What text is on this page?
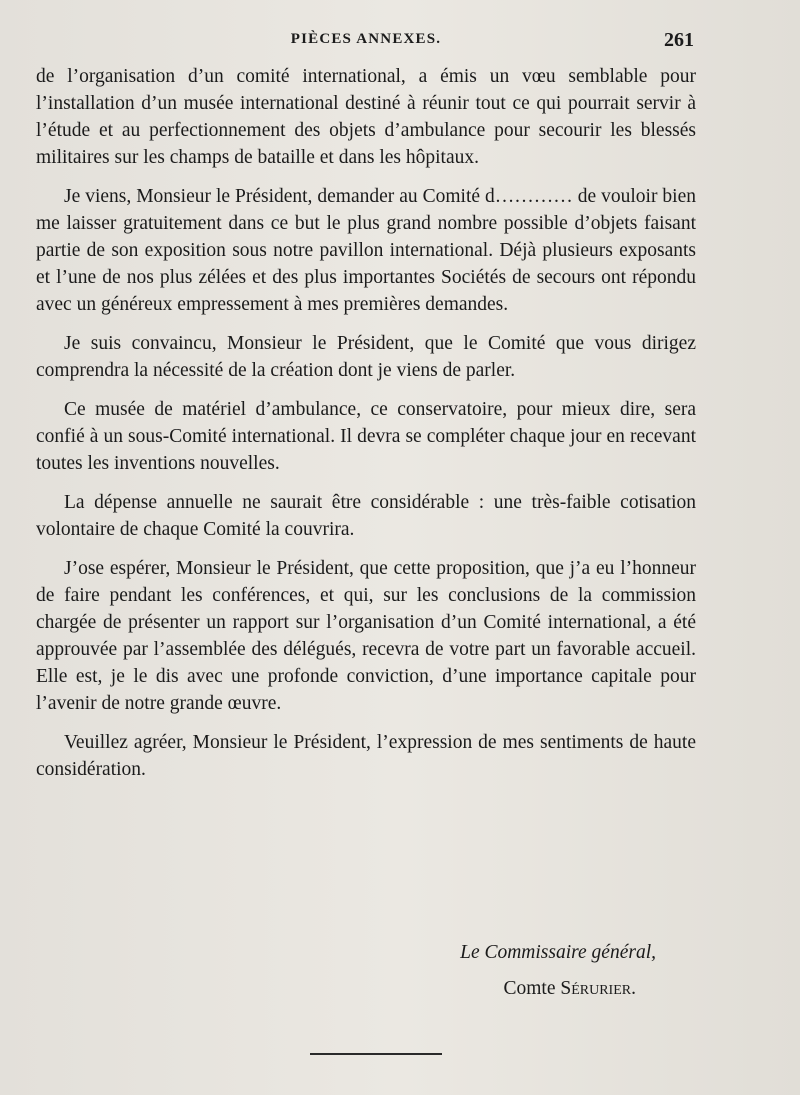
PIÈCES ANNEXES.	261

de l’organisation d’un comité international, a émis un vœu semblable pour l’installation d’un musée international destiné à réunir tout ce qui pourrait servir à l’étude et au perfectionnement des objets d’ambulance pour secourir les blessés militaires sur les champs de bataille et dans les hôpitaux.

Je viens, Monsieur le Président, demander au Comité d………… de vouloir bien me laisser gratuitement dans ce but le plus grand nombre possible d’objets faisant partie de son exposition sous notre pavillon international. Déjà plusieurs exposants et l’une de nos plus zélées et des plus importantes Sociétés de secours ont répondu avec un généreux empressement à mes premières demandes.

Je suis convaincu, Monsieur le Président, que le Comité que vous dirigez comprendra la nécessité de la création dont je viens de parler.

Ce musée de matériel d’ambulance, ce conservatoire, pour mieux dire, sera confié à un sous-Comité international. Il devra se compléter chaque jour en recevant toutes les inventions nouvelles.

La dépense annuelle ne saurait être considérable : une très-faible cotisation volontaire de chaque Comité la couvrira.

J’ose espérer, Monsieur le Président, que cette proposition, que j’a eu l’honneur de faire pendant les conférences, et qui, sur les conclusions de la commission chargée de présenter un rapport sur l’organisation d’un Comité international, a été approuvée par l’assemblée des délégués, recevra de votre part un favorable accueil. Elle est, je le dis avec une profonde conviction, d’une importance capitale pour l’avenir de notre grande œuvre.

Veuillez agréer, Monsieur le Président, l’expression de mes sentiments de haute considération.

Le Commissaire général,
Comte Sérurier.
